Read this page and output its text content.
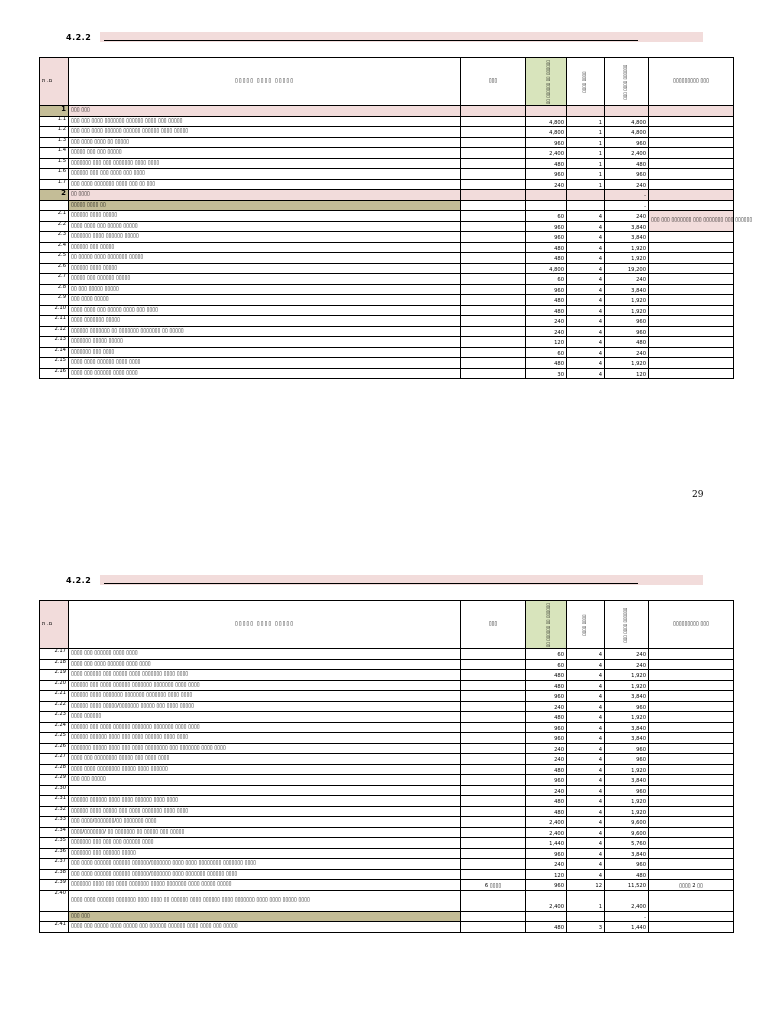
4.2.2
ם. ת	▯▯▯▯▯ ▯▯▯▯ ▯▯▯▯▯	▯▯▯	▯▯ ▯▯▯▯▯▯ ▯▯ ▯▯▯▯▯▯	▯▯▯▯ ▯▯▯▯	▯▯▯ ▯▯▯▯ ▯▯▯▯▯▯	▯▯▯▯▯▯▯▯▯ ▯▯▯
1	▯▯▯ ▯▯▯					
1.1	▯▯▯ ▯▯▯ ▯▯▯▯ ▯▯▯▯▯▯▯ ▯▯▯▯▯▯ ▯▯▯▯ ▯▯▯ ▯▯▯▯▯		4,800	1	4,800	
1.2	▯▯▯ ▯▯▯ ▯▯▯▯ ▯▯▯▯▯▯ ▯▯▯▯▯▯ ▯▯▯▯▯▯ ▯▯▯▯ ▯▯▯▯▯		4,800	1	4,800	
1.3	▯▯▯ ▯▯▯▯ ▯▯▯▯ ▯▯ ▯▯▯▯▯		960	1	960	
1.4	▯▯▯▯▯ ▯▯▯ ▯▯▯ ▯▯▯▯▯		2,400	1	2,400	
1.5	▯▯▯▯▯▯▯ ▯▯▯ ▯▯▯ ▯▯▯▯▯▯▯ ▯▯▯▯ ▯▯▯▯		480	1	480	
1.6	▯▯▯▯▯▯ ▯▯▯ ▯▯▯ ▯▯▯▯ ▯▯▯ ▯▯▯▯		960	1	960	
1.7	▯▯▯ ▯▯▯▯ ▯▯▯▯▯▯▯ ▯▯▯▯ ▯▯▯ ▯▯ ▯▯▯		240	1	240	
2	▯▯ ▯▯▯▯				-	
	▯▯▯▯▯ ▯▯▯▯ ▯▯				-	
2.1	▯▯▯▯▯▯ ▯▯▯▯ ▯▯▯▯▯		60	4	240	▯▯▯ ▯▯▯ ▯▯▯▯▯▯▯ ▯▯▯ ▯▯▯▯▯▯▯ ▯▯▯ ▯▯▯▯▯▯
2.2	▯▯▯▯ ▯▯▯▯ ▯▯▯ ▯▯▯▯▯ ▯▯▯▯▯		960	4	3,840	
2.3	▯▯▯▯▯▯▯ ▯▯▯▯ ▯▯▯▯▯▯ ▯▯▯▯▯		960	4	3,840	
2.4	▯▯▯▯▯▯ ▯▯▯ ▯▯▯▯▯		480	4	1,920	
2.5	▯▯ ▯▯▯▯▯ ▯▯▯▯ ▯▯▯▯▯▯▯ ▯▯▯▯▯		480	4	1,920	
2.6	▯▯▯▯▯▯ ▯▯▯▯ ▯▯▯▯▯		4,800	4	19,200	
2.7	▯▯▯▯▯ ▯▯▯ ▯▯▯▯▯▯ ▯▯▯▯▯		60	4	240	
2.8	▯▯ ▯▯▯ ▯▯▯▯▯ ▯▯▯▯▯		960	4	3,840	
2.9	▯▯▯ ▯▯▯▯ ▯▯▯▯▯		480	4	1,920	
2.10	▯▯▯▯ ▯▯▯▯ ▯▯▯ ▯▯▯▯▯ ▯▯▯▯ ▯▯▯ ▯▯▯▯		480	4	1,920	
2.11	▯▯▯▯ ▯▯▯▯▯▯▯ ▯▯▯▯▯		240	4	960	
2.12	▯▯▯▯▯▯ ▯▯▯▯▯▯▯ ▯▯ ▯▯▯▯▯▯▯ ▯▯▯▯▯▯▯ ▯▯ ▯▯▯▯▯		240	4	960	
2.13	▯▯▯▯▯▯▯ ▯▯▯▯▯ ▯▯▯▯▯		120	4	480	
2.14	▯▯▯▯▯▯▯ ▯▯▯ ▯▯▯▯		60	4	240	
2.15	▯▯▯▯ ▯▯▯▯ ▯▯▯▯▯▯ ▯▯▯▯ ▯▯▯▯		480	4	1,920	
2.16	▯▯▯▯ ▯▯▯ ▯▯▯▯▯▯ ▯▯▯▯ ▯▯▯▯		30	4	120	
29
4.2.2
ם. ת	▯▯▯▯▯ ▯▯▯▯ ▯▯▯▯▯	▯▯▯	▯▯ ▯▯▯▯▯▯ ▯▯ ▯▯▯▯▯▯	▯▯▯▯ ▯▯▯▯	▯▯▯ ▯▯▯▯ ▯▯▯▯▯▯	▯▯▯▯▯▯▯▯▯ ▯▯▯
2.17	▯▯▯▯ ▯▯▯ ▯▯▯▯▯▯ ▯▯▯▯ ▯▯▯▯		60	4	240	
2.18	▯▯▯▯ ▯▯▯ ▯▯▯▯ ▯▯▯▯▯▯ ▯▯▯▯ ▯▯▯▯		60	4	240	
2.19	▯▯▯▯ ▯▯▯▯▯▯ ▯▯▯ ▯▯▯▯▯ ▯▯▯▯ ▯▯▯▯▯▯▯ ▯▯▯▯ ▯▯▯▯		480	4	1,920	
2.20	▯▯▯▯▯▯ ▯▯▯ ▯▯▯▯ ▯▯▯▯▯▯ ▯▯▯▯▯▯▯ ▯▯▯▯▯▯▯ ▯▯▯▯ ▯▯▯▯		480	4	1,920	
2.21	▯▯▯▯▯▯ ▯▯▯▯ ▯▯▯▯▯▯▯ ▯▯▯▯▯▯▯ ▯▯▯▯▯▯▯ ▯▯▯▯ ▯▯▯▯		960	4	3,840	
2.22	▯▯▯▯▯▯ ▯▯▯▯ ▯▯▯▯▯/▯▯▯▯▯▯▯ ▯▯▯▯▯ ▯▯▯ ▯▯▯▯ ▯▯▯▯▯		240	4	960	
2.23	▯▯▯▯ ▯▯▯▯▯▯		480	4	1,920	
2.24	▯▯▯▯▯▯ ▯▯▯ ▯▯▯▯ ▯▯▯▯▯▯ ▯▯▯▯▯▯▯ ▯▯▯▯▯▯▯ ▯▯▯▯ ▯▯▯▯		960	4	3,840	
2.25	▯▯▯▯▯▯ ▯▯▯▯▯▯ ▯▯▯▯ ▯▯▯ ▯▯▯▯ ▯▯▯▯▯▯ ▯▯▯▯ ▯▯▯▯		960	4	3,840	
2.26	▯▯▯▯▯▯▯ ▯▯▯▯▯ ▯▯▯▯ ▯▯▯ ▯▯▯▯ ▯▯▯▯▯▯▯▯ ▯▯▯ ▯▯▯▯▯▯▯ ▯▯▯▯ ▯▯▯▯		240	4	960	
2.27	▯▯▯▯ ▯▯▯ ▯▯▯▯▯▯▯▯ ▯▯▯▯▯ ▯▯▯ ▯▯▯▯ ▯▯▯▯		240	4	960	
2.28	▯▯▯▯ ▯▯▯▯ ▯▯▯▯▯▯▯▯ ▯▯▯▯▯ ▯▯▯▯ ▯▯▯▯▯▯		480	4	1,920	
2.29	▯▯▯ ▯▯▯ ▯▯▯▯▯		960	4	3,840	
2.30			240	4	960	
2.31	▯▯▯▯▯▯ ▯▯▯▯▯▯ ▯▯▯▯ ▯▯▯▯ ▯▯▯▯▯▯ ▯▯▯▯ ▯▯▯▯		480	4	1,920	
2.32	▯▯▯▯▯▯ ▯▯▯▯ ▯▯▯▯▯ ▯▯▯ ▯▯▯▯ ▯▯▯▯▯▯▯ ▯▯▯▯ ▯▯▯▯		480	4	1,920	
2.33	▯▯▯ ▯▯▯▯/▯▯▯▯▯▯▯/▯▯ ▯▯▯▯▯▯▯ ▯▯▯▯		2,400	4	9,600	
2.34	▯▯▯▯/▯▯▯▯▯▯▯/ ▯▯ ▯▯▯▯▯▯▯ ▯▯ ▯▯▯▯▯ ▯▯▯ ▯▯▯▯▯		2,400	4	9,600	
2.35	▯▯▯▯▯▯▯ ▯▯▯ ▯▯▯ ▯▯▯ ▯▯▯▯▯▯ ▯▯▯▯		1,440	4	5,760	
2.36	▯▯▯▯▯▯▯ ▯▯▯ ▯▯▯▯▯▯ ▯▯▯▯▯		960	4	3,840	
2.37	▯▯▯ ▯▯▯▯ ▯▯▯▯▯▯ ▯▯▯▯▯▯ ▯▯▯▯▯▯/▯▯▯▯▯▯▯ ▯▯▯▯ ▯▯▯▯ ▯▯▯▯▯▯▯▯ ▯▯▯▯▯▯▯ ▯▯▯▯		240	4	960	
2.38	▯▯▯ ▯▯▯▯ ▯▯▯▯▯▯ ▯▯▯▯▯▯ ▯▯▯▯▯▯/▯▯▯▯▯▯▯ ▯▯▯▯ ▯▯▯▯▯▯▯ ▯▯▯▯▯▯ ▯▯▯▯		120	4	480	
2.39	▯▯▯▯▯▯▯ ▯▯▯▯ ▯▯▯ ▯▯▯▯ ▯▯▯▯▯▯▯ ▯▯▯▯▯ ▯▯▯▯▯▯▯ ▯▯▯▯ ▯▯▯▯▯ ▯▯▯▯▯	6 ▯▯▯▯	960	12	11,520	▯▯▯▯ 2 ▯▯
2.40	▯▯▯▯ ▯▯▯▯ ▯▯▯▯▯▯ ▯▯▯▯▯▯▯ ▯▯▯▯ ▯▯▯▯ ▯▯ ▯▯▯▯▯▯ ▯▯▯▯ ▯▯▯▯▯▯ ▯▯▯▯ ▯▯▯▯▯▯▯ ▯▯▯▯ ▯▯▯▯ ▯▯▯▯▯ ▯▯▯▯		2,400	1	2,400	
	▯▯▯ ▯▯▯				-	
2.41	▯▯▯▯ ▯▯▯ ▯▯▯▯▯ ▯▯▯▯ ▯▯▯▯▯ ▯▯▯ ▯▯▯▯▯▯ ▯▯▯▯▯▯ ▯▯▯▯ ▯▯▯▯ ▯▯▯ ▯▯▯▯▯		480	3	1,440	
